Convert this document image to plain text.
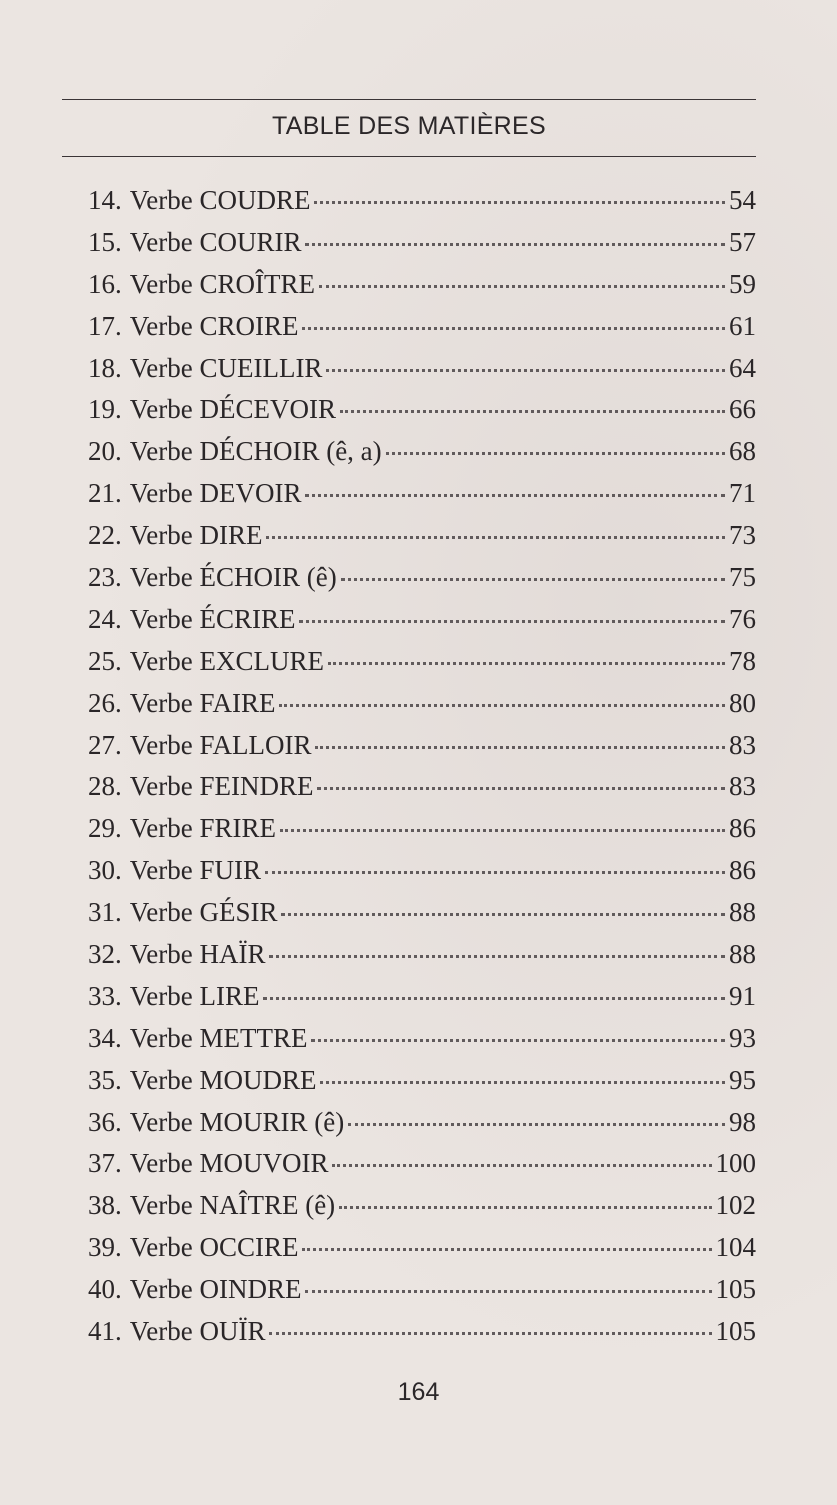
TABLE DES MATIÈRES
14. Verbe COUDRE	54
15. Verbe COURIR	57
16. Verbe CROÎTRE	59
17. Verbe CROIRE	61
18. Verbe CUEILLIR	64
19. Verbe DÉCEVOIR	66
20. Verbe DÉCHOIR (ê, a)	68
21. Verbe DEVOIR	71
22. Verbe DIRE	73
23. Verbe ÉCHOIR (ê)	75
24. Verbe ÉCRIRE	76
25. Verbe EXCLURE	78
26. Verbe FAIRE	80
27. Verbe FALLOIR	83
28. Verbe FEINDRE	83
29. Verbe FRIRE	86
30. Verbe FUIR	86
31. Verbe GÉSIR	88
32. Verbe HAÏR	88
33. Verbe LIRE	91
34. Verbe METTRE	93
35. Verbe MOUDRE	95
36. Verbe MOURIR (ê)	98
37. Verbe MOUVOIR	100
38. Verbe NAÎTRE (ê)	102
39. Verbe OCCIRE	104
40. Verbe OINDRE	105
41. Verbe OUÏR	105
164
